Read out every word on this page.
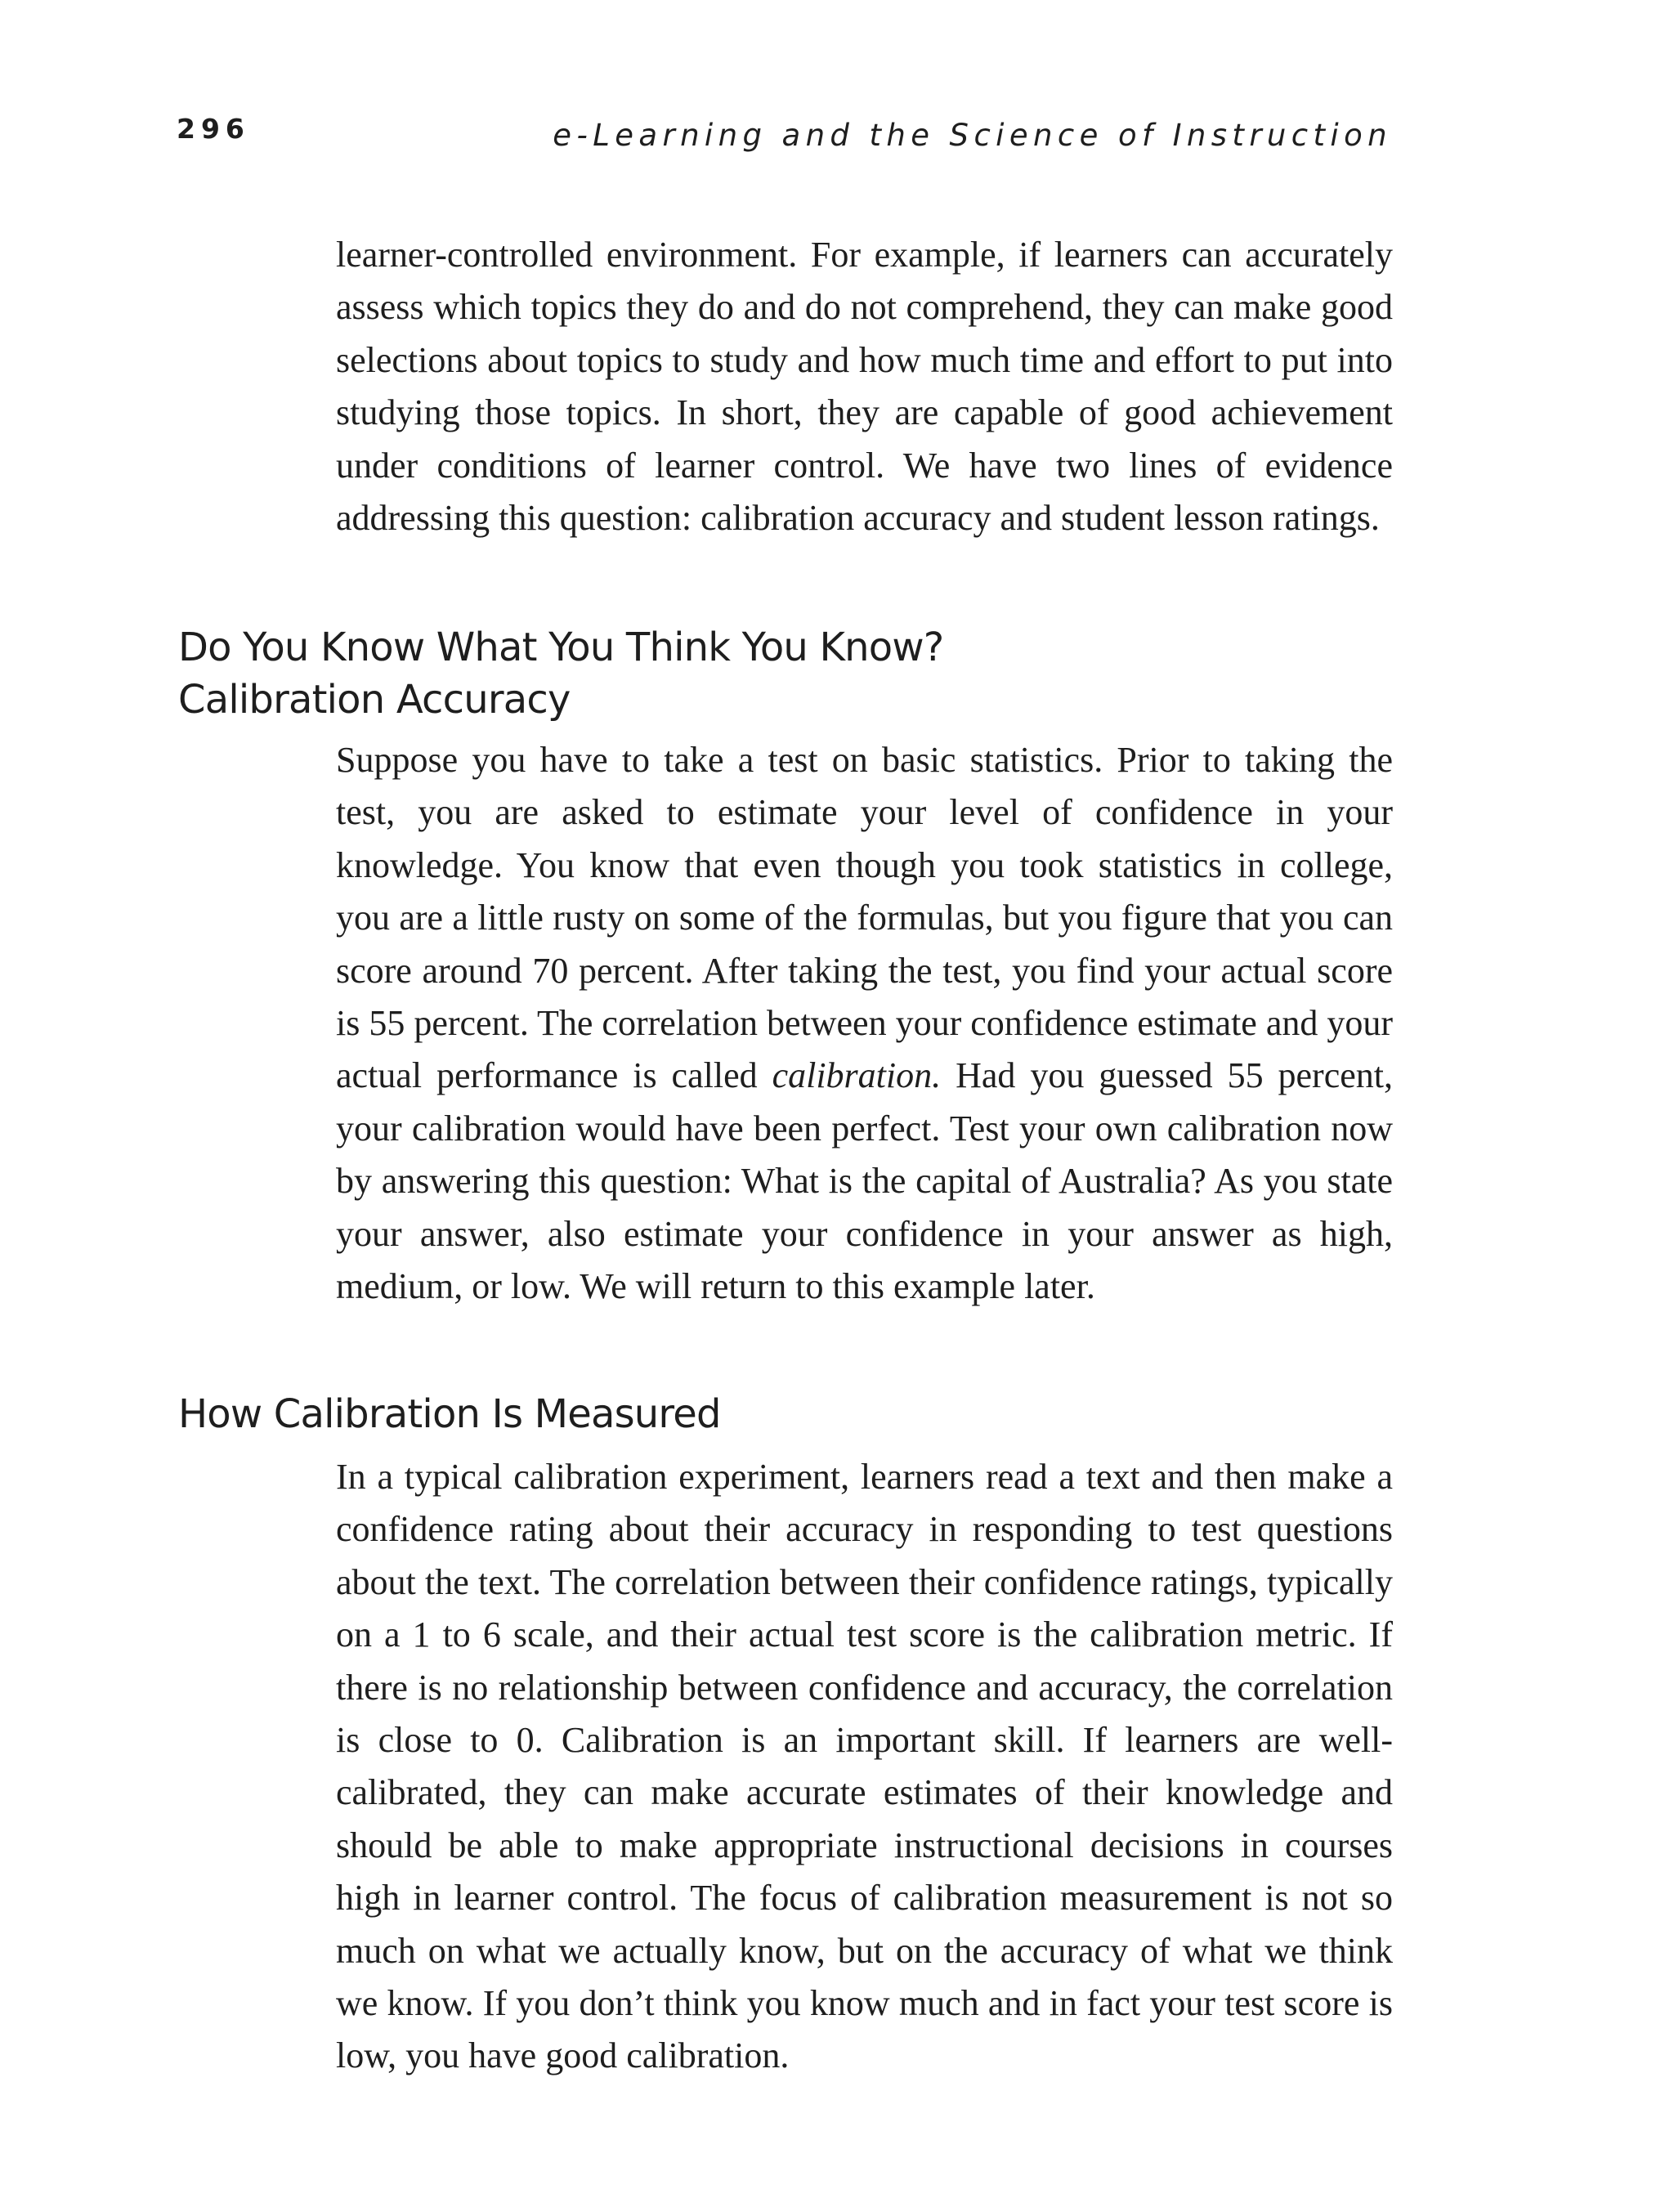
296	e-Learning and the Science of Instruction

learner-controlled environment. For example, if learners can accurately assess which topics they do and do not comprehend, they can make good selections about topics to study and how much time and effort to put into studying those topics. In short, they are capable of good achievement under conditions of learner control. We have two lines of evidence addressing this question: calibration accuracy and student lesson ratings.

Do You Know What You Think You Know?
Calibration Accuracy

Suppose you have to take a test on basic statistics. Prior to taking the test, you are asked to estimate your level of confidence in your knowledge. You know that even though you took statistics in college, you are a little rusty on some of the formulas, but you figure that you can score around 70 percent. After taking the test, you find your actual score is 55 percent. The correlation between your confidence estimate and your actual performance is called calibration. Had you guessed 55 percent, your calibration would have been perfect. Test your own calibration now by answering this question: What is the capital of Australia? As you state your answer, also estimate your confidence in your answer as high, medium, or low. We will return to this example later.

How Calibration Is Measured

In a typical calibration experiment, learners read a text and then make a confidence rating about their accuracy in responding to test questions about the text. The correlation between their confidence ratings, typically on a 1 to 6 scale, and their actual test score is the calibration metric. If there is no relationship between confidence and accuracy, the correlation is close to 0. Calibration is an important skill. If learners are well-calibrated, they can make accurate estimates of their knowledge and should be able to make appropriate instructional decisions in courses high in learner control. The focus of calibration measurement is not so much on what we actually know, but on the accuracy of what we think we know. If you don’t think you know much and in fact your test score is low, you have good calibration.
